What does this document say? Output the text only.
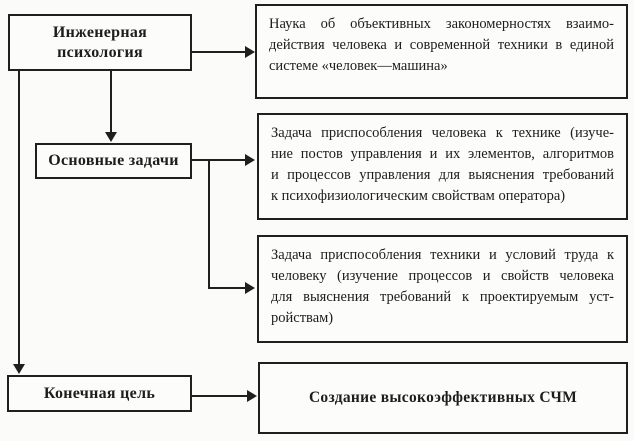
Инженерная психология
Основные задачи
Конечная цель
Наука об объективных закономерностях взаимо-
действия человека и современной техники в единой
системе «человек—машина»
Задача приспособления человека к технике (изуче-
ние постов управления и их элементов, алгоритмов
и процессов управления для выяснения требований
к психофизиологическим свойствам оператора)
Задача приспособления техники и условий труда к
человеку (изучение процессов и свойств человека
для выяснения требований к проектируемым уст-
ройствам)
Создание высокоэффективных СЧМ
